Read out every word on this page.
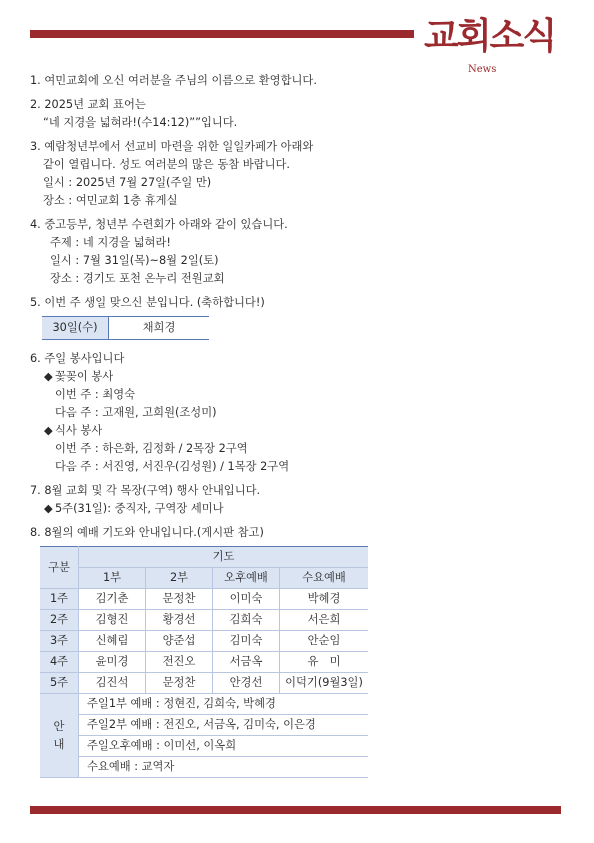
교회소식
News
1. 여민교회에 오신 여러분을 주님의 이름으로 환영합니다.
2. 2025년 교회 표어는
“네 지경을 넓혀라!(수14:12)””입니다.
3. 예람청년부에서 선교비 마련을 위한 일일카페가 아래와
같이 열립니다. 성도 여러분의 많은 동참 바랍니다.
일시 : 2025년 7월 27일(주일 만)
장소 : 여민교회 1층 휴게실
4. 중고등부, 청년부 수련회가 아래와 같이 있습니다.
주제 : 네 지경을 넓혀라!
일시 : 7월 31일(목)~8월 2일(토)
장소 : 경기도 포천 온누리 전원교회
5. 이번 주 생일 맞으신 분입니다. (축하합니다!)
30일(수)	채희경
6. 주일 봉사입니다
◆ 꽃꽂이 봉사
이번 주 : 최영숙
다음 주 : 고재원, 고희원(조성미)
◆ 식사 봉사
이번 주 : 하은화, 김정화 / 2목장 2구역
다음 주 : 서진영, 서진우(김성원) / 1목장 2구역
7. 8월 교회 및 각 목장(구역) 행사 안내입니다.
◆ 5주(31일): 중직자, 구역장 세미나
8. 8월의 예배 기도와 안내입니다.(게시판 참고)
구분	기도			
	1부	2부	오후예배	수요예배
1주	김기춘	문정찬	이미숙	박혜경
2주	김형진	황경선	김희숙	서은희
3주	신혜림	양준섭	김미숙	안순임
4주	윤미경	전진오	서금옥	유　미
5주	김진석	문정찬	안경선	이덕기(9월3일)

안
내	주일1부 예배 : 정현진, 김희숙, 박혜경			
	주일2부 예배 : 전진오, 서금옥, 김미숙, 이은경			
	주일오후예배 : 이미선, 이옥희			
	수요예배 : 교역자			
